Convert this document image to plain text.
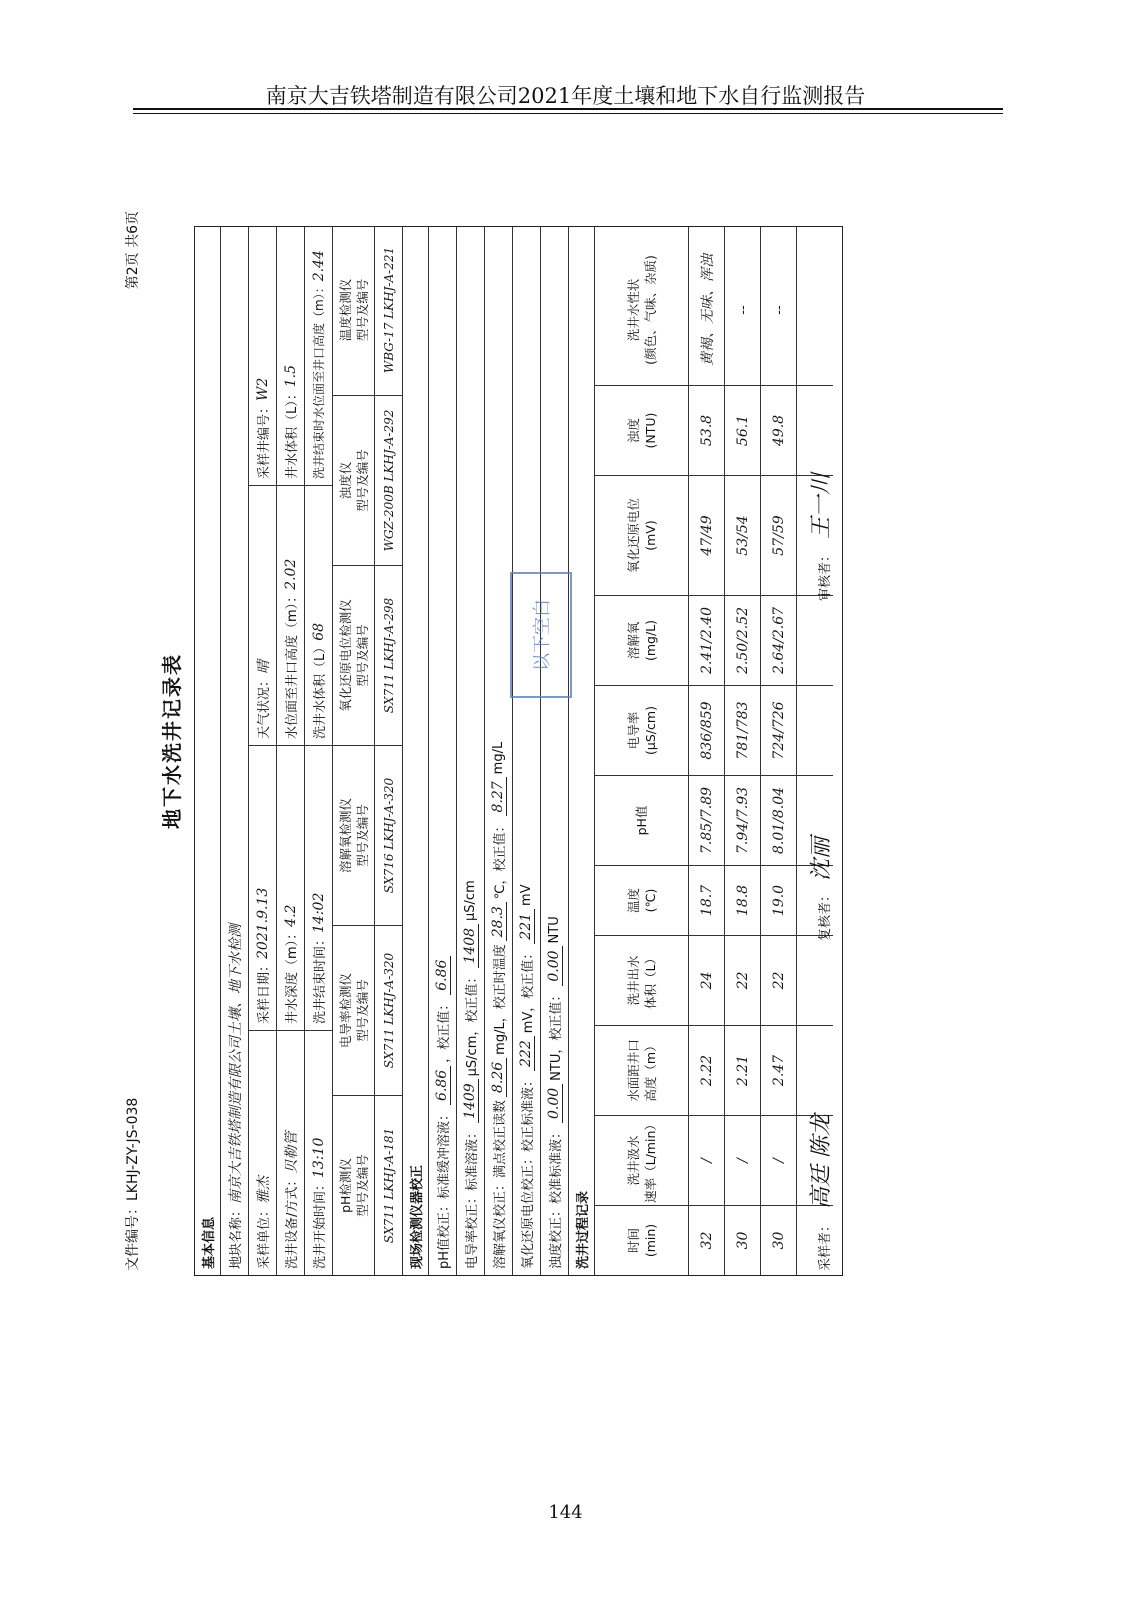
南京大吉铁塔制造有限公司2021年度土壤和地下水自行监测报告
文件编号：LKHJ-ZY-JS-038
第2页 共6页
地下水洗井记录表
基本信息 地块名称：
南京大吉铁塔制造有限公司土壤、地下水检测
采样单位：
雅杰
采样日期：
2021.9.13
天气状况：
晴
采样井编号：
W2
洗井设备/方式：
贝勒管
井水深度（m）：
4.2
水位面至井口高度（m）：
2.02
井水体积（L）：
1.5
洗井开始时间：
13:10
洗井结束时间：
14:02
洗井水体积（L）
68
洗井结束时水位面至井口高度（m）：
2.44
pH检测仪 型号及编号
电导率检测仪 型号及编号
溶解氧检测仪 型号及编号
氧化还原电位检测仪 型号及编号
浊度仪 型号及编号
温度检测仪 型号及编号
SX711 LKHJ-A-181
SX711 LKHJ-A-320
SX716 LKHJ-A-320
SX711 LKHJ-A-298
WGZ-200B LKHJ-A-292
WBG-17 LKHJ-A-221
现场检测仪器校正 pH值校正：标准缓冲溶液：
6.86
，校正值：
6.86
电导率校正：标准溶液：
1409
μS/cm，校正值：
1408
μS/cm
溶解氧仪校正：满点校正读数
8.26
mg/L，校正时温度
28.3
℃，校正值：
8.27
mg/L
氧化还原电位校正：校正标准液：
222
mV，校正值：
221
mV
浊度校正：校准标准液：
0.00
NTU，校正值：
0.00
NTU
洗井过程记录	时间 (min)
洗井汲水 速率（L/min）
水面距井口 高度（m）
洗井出水 体积（L）
温度 (℃)
pH值
电导率 (μS/cm)
溶解氧 (mg/L)
氧化还原电位 (mV)
浊度 (NTU)
洗井水性状 (颜色、气味、杂质)
32
/
2.22
24
18.7
7.85/7.89
836/859
2.41/2.40
47/49
53.8
黄褐、无味、浑浊
30
/
2.21
22
18.8
7.94/7.93
781/783
2.50/2.52
53/54
56.1
--
30
/
2.47
22
19.0
8.01/8.04
724/726
2.64/2.67
57/59
49.8
--
采样者：
高廷 陈龙
复核者：
沈丽
审核者：
王一川
以下空白
144
